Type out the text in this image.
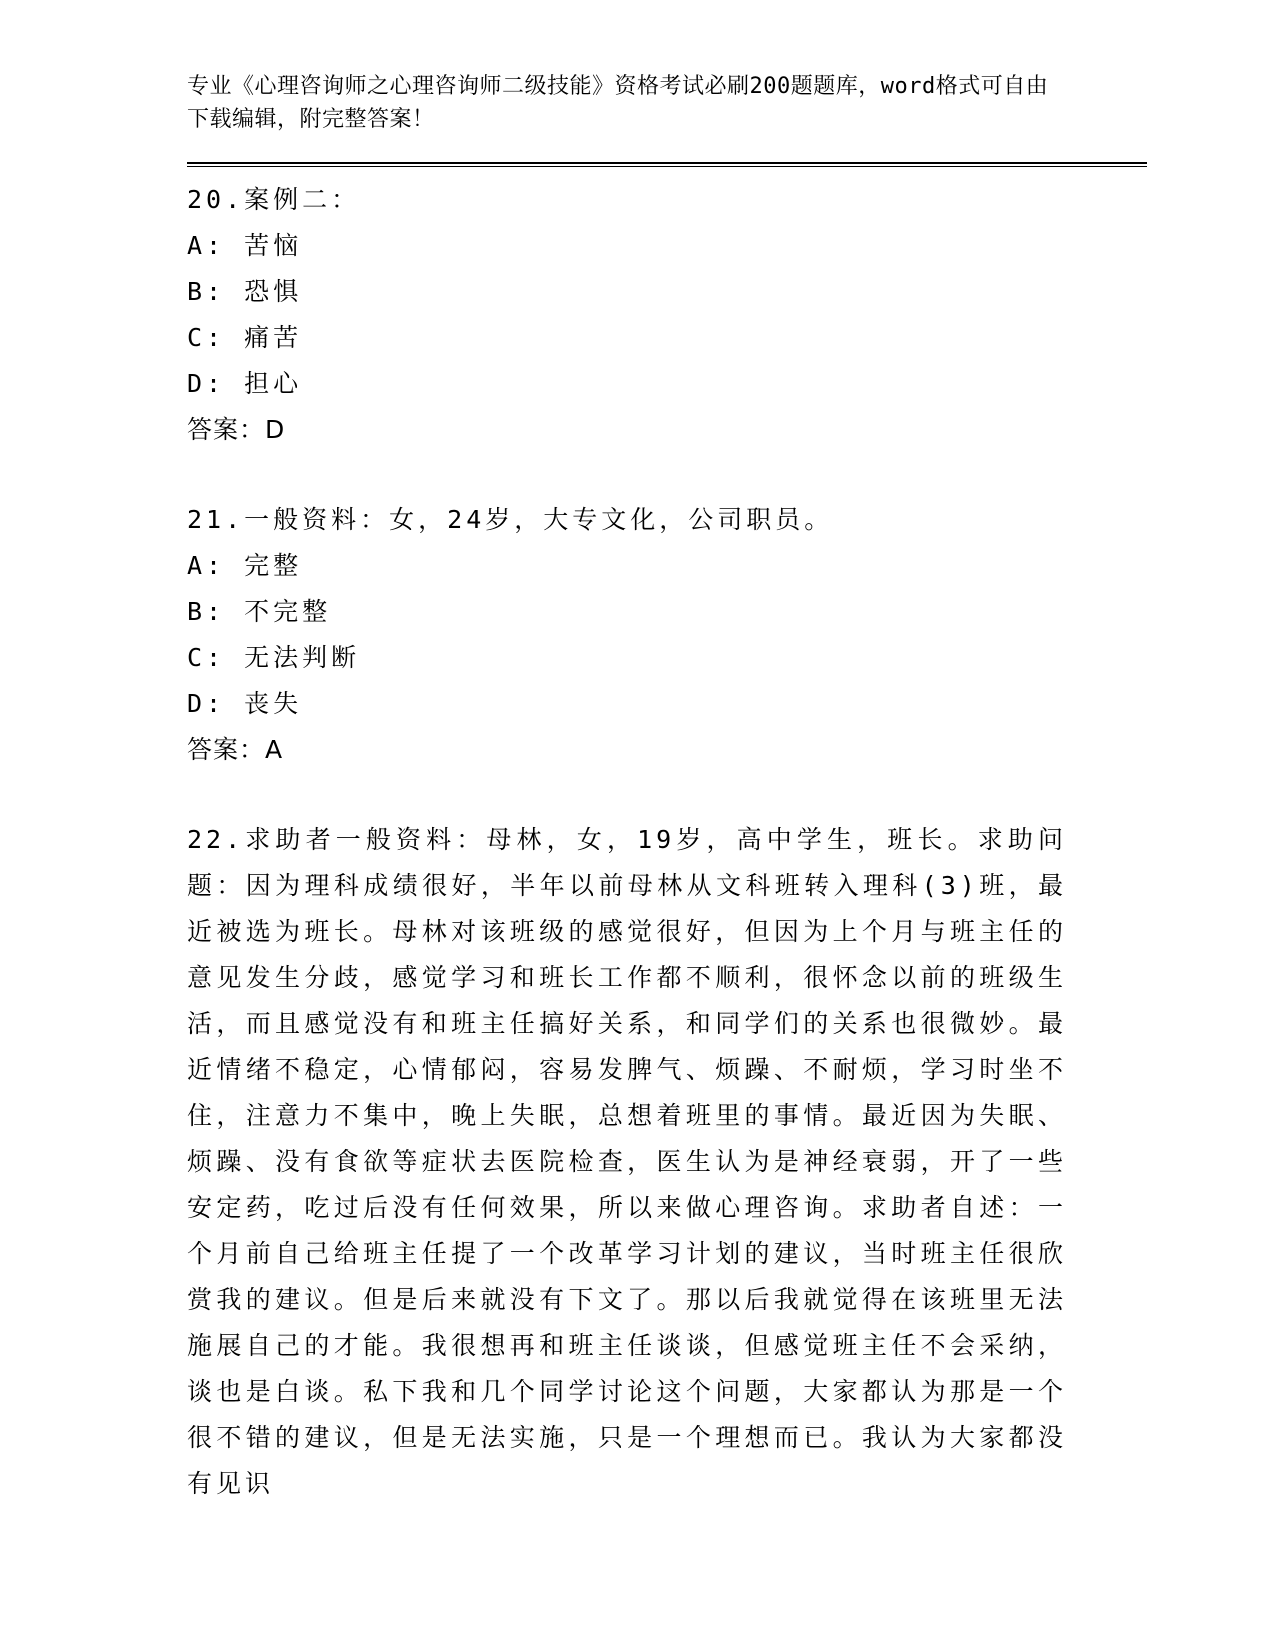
专业《心理咨询师之心理咨询师二级技能》资格考试必刷200题题库，word格式可自由下载编辑，附完整答案！
20.案例二：
A: 苦恼
B: 恐惧
C: 痛苦
D: 担心
答案：D
21.一般资料：女，24岁，大专文化，公司职员。
A: 完整
B: 不完整
C: 无法判断
D: 丧失
答案：A
22.求助者一般资料：母林，女，19岁，高中学生，班长。求助问题：因为理科成绩很好，半年以前母林从文科班转入理科(3)班，最近被选为班长。母林对该班级的感觉很好，但因为上个月与班主任的意见发生分歧，感觉学习和班长工作都不顺利，很怀念以前的班级生活，而且感觉没有和班主任搞好关系，和同学们的关系也很微妙。最近情绪不稳定，心情郁闷，容易发脾气、烦躁、不耐烦，学习时坐不住，注意力不集中，晚上失眠，总想着班里的事情。最近因为失眠、烦躁、没有食欲等症状去医院检查，医生认为是神经衰弱，开了一些安定药，吃过后没有任何效果，所以来做心理咨询。求助者自述：一个月前自己给班主任提了一个改革学习计划的建议，当时班主任很欣赏我的建议。但是后来就没有下文了。那以后我就觉得在该班里无法施展自己的才能。我很想再和班主任谈谈，但感觉班主任不会采纳，谈也是白谈。私下我和几个同学讨论这个问题，大家都认为那是一个很不错的建议，但是无法实施，只是一个理想而已。我认为大家都没有见识
